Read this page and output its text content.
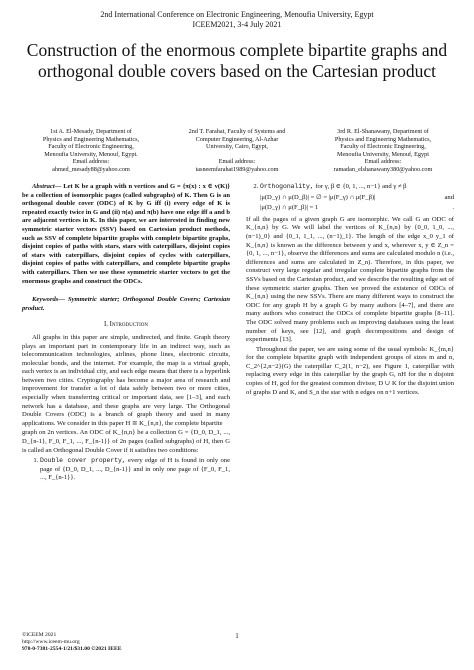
2nd International Conference on Electronic Engineering, Menoufia University, Egypt
ICEEM2021, 3-4 July 2021
Construction of the enormous complete bipartite graphs and orthogonal double covers based on the Cartesian product
1st A. El-Mesady, Department of
Physics and Engineering Mathematics,
Faculty of Electronic Engineering,
Menoufia University, Menouf, Egypt.
Email address:
ahmed_mesady88@yahoo.com
2nd T. Farahat, Faculty of Systems and
Computer Engineering, Al-Azhar
University, Cairo, Egypt,
Email address:
tasneemfarahat1989@yahoo.com
3rd R. El-Shanawany, Department of
Physics and Engineering Mathematics,
Faculty of Electronic Engineering,
Menoufia University, Menouf, Egypt
Email address:
ramadan_elshanawany380@yahoo.com

Abstract— Let K be a graph with n vertices and G = {π(x) : x ∈ v(K)} be a collection of isomorphic pages (called subgraphs) of K. Then G is an orthogonal double cover (ODC) of K by G iff (i) every edge of K is repeated exactly twice in G and (ii) π(a) and π(b) have one edge iff a and b are adjacent vertices in K. In this paper, we are interested in finding new symmetric starter vectors (SSV) based on Cartesian product methods, such as SSV of complete bipartite graphs with complete bipartite graphs, disjoint copies of paths with stars, stars with caterpillars, disjoint copies of stars with caterpillars, disjoint copies of cycles with caterpillars, disjoint copies of paths with caterpillars, and complete bipartite graphs with caterpillars. Then we use these symmetric starter vectors to get the enormous graphs and construct the ODCs.

Keywords— Symmetric starter; Orthogonal Double Covers; Cartesian product.

I. Introduction

All graphs in this paper are simple, undirected, and finite. Graph theory plays an important part in contemporary life in an indirect way, such as telecommunication technologies, airlines, phone lines, electronic circuits, molecular bonds, and the internet. For example, the map is a virtual graph, each vertex is an individual city, and each edge means that there is a hyperlink between two cities. Cryptography has become a major area of research and improvement for transfer a lot of data safely between two or more cities, especially when transferring critical or important data, see [1–3], and each network has a database, and these graphs are very large. The Orthogonal Double Covers (ODC) is a branch of graph theory and used in many applications. We consider in this paper H ≅ K_{n,n}, the complete bipartite

graph on 2n vertices. An ODC of K_{n,n} be a collection G = {D_0, D_1, ..., D_{n-1}, F_0, F_1, ..., F_{n-1}} of 2n pages (called subgraphs) of H, then G is called an Orthogonal Double Cover if it satisfies two conditions:

1. Double cover property, every edge of H is found in only one page of {D_0, D_1, ..., D_{n-1}} and in only one page of {F_0, F_1, ..., F_{n-1}}.
2. Orthogonality, for γ, β ∈ {0, 1, ..., n−1} and γ ≠ β
|μ(D_γ) ∩ μ(D_β)| = ∅ = |μ(F_γ) ∩ μ(F_β)|	and
|μ(D_γ) ∩ μ(F_β)| = 1	.

If all the pages of a given graph G are isomorphic. We call G an ODC of K_{n,n} by G. We will label the vertices of K_{n,n} by {0_0, 1_0, ..., (n−1)_0} and {0_1, 1_1, ..., (n−1)_1}. The length of the edge x_0 y_1 of K_{n,n} is known as the difference between y and x, wherever x, y ∈ Z_n = {0, 1, ..., n−1}, observe the differences and sums are calculated modulo n (i.e., differences and sums are calculated in Z_n). Therefore, in this paper, we construct very large regular and irregular complete bipartite graphs from the SSVs based on the Cartesian product, and we describe the resulting edge set of these symmetric starter graphs. Then we proved the existence of ODCs of K_{n,n} using the new SSVs. There are many different ways to construct the ODC for any graph H by a graph G by many authors [4–7], and there are many authors who construct the ODCs of complete bipartite graphs [8–11]. The ODC solved many problems such as improving databases using the least number of keys, see [12], and graph decompositions and design of experiments [13].

Throughout the paper, we are using some of the usual symbols: K_{m,n} for the complete bipartite graph with independent groups of sizes m and n, C_2^{2,n−2}(G) the caterpillar C_2(1, n−2), see Figure 1, caterpillar with replacing every edge in this caterpillar by the graph G, nH for the n disjoint copies of H, gcd for the greatest common divisor, D ∪ K for the disjoint union of graphs D and K, and S_n the star with n edges on n+1 vertices.

©ICEEM 2021
http://www.iceem-mu.org
978-0-7381-2554-1/21/$31.00 ©2021 IEEE
1
